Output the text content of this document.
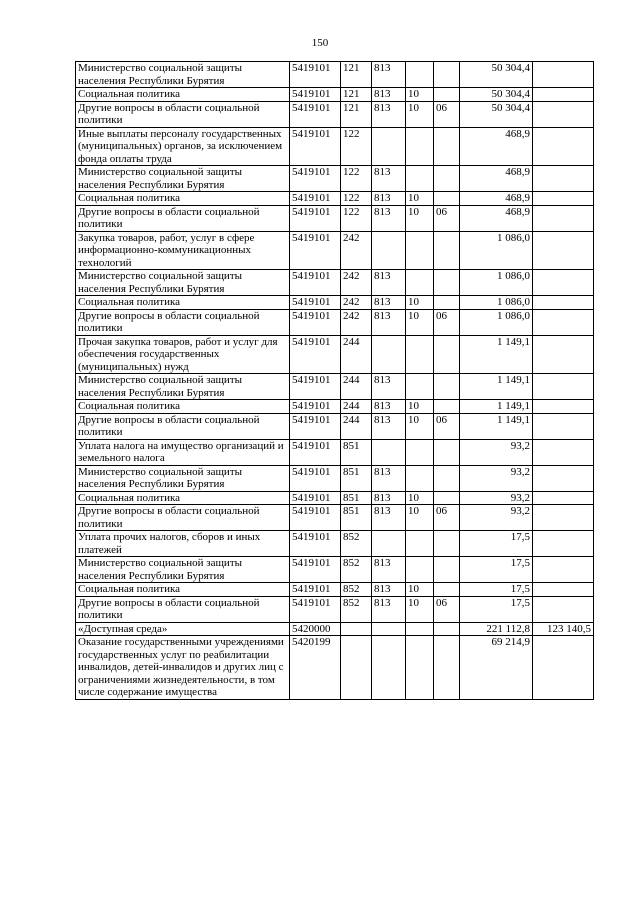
150
Министерство социальной защиты населения Республики Бурятия	5419101	121	813			50 304,4	
Социальная политика	5419101	121	813	10		50 304,4	
Другие вопросы в области социальной политики	5419101	121	813	10	06	50 304,4	
Иные выплаты персоналу государственных (муниципальных) органов, за исключением фонда оплаты труда	5419101	122				468,9	
Министерство социальной защиты населения Республики Бурятия	5419101	122	813			468,9	
Социальная политика	5419101	122	813	10		468,9	
Другие вопросы в области социальной политики	5419101	122	813	10	06	468,9	
Закупка товаров, работ, услуг в сфере информационно-коммуникационных технологий	5419101	242				1 086,0	
Министерство социальной защиты населения Республики Бурятия	5419101	242	813			1 086,0	
Социальная политика	5419101	242	813	10		1 086,0	
Другие вопросы в области социальной политики	5419101	242	813	10	06	1 086,0	
Прочая закупка товаров, работ и услуг для обеспечения государственных (муниципальных) нужд	5419101	244				1 149,1	
Министерство социальной защиты населения Республики Бурятия	5419101	244	813			1 149,1	
Социальная политика	5419101	244	813	10		1 149,1	
Другие вопросы в области социальной политики	5419101	244	813	10	06	1 149,1	
Уплата налога на имущество организаций и земельного налога	5419101	851				93,2	
Министерство социальной защиты населения Республики Бурятия	5419101	851	813			93,2	
Социальная политика	5419101	851	813	10		93,2	
Другие вопросы в области социальной политики	5419101	851	813	10	06	93,2	
Уплата прочих налогов, сборов и иных платежей	5419101	852				17,5	
Министерство социальной защиты населения Республики Бурятия	5419101	852	813			17,5	
Социальная политика	5419101	852	813	10		17,5	
Другие вопросы в области социальной политики	5419101	852	813	10	06	17,5	
«Доступная среда»	5420000					221 112,8	123 140,5
Оказание государственными учреждениями государственных услуг по реабилитации инвалидов, детей-инвалидов и других лиц с ограничениями жизнедеятельности, в том числе содержание имущества	5420199					69 214,9	
